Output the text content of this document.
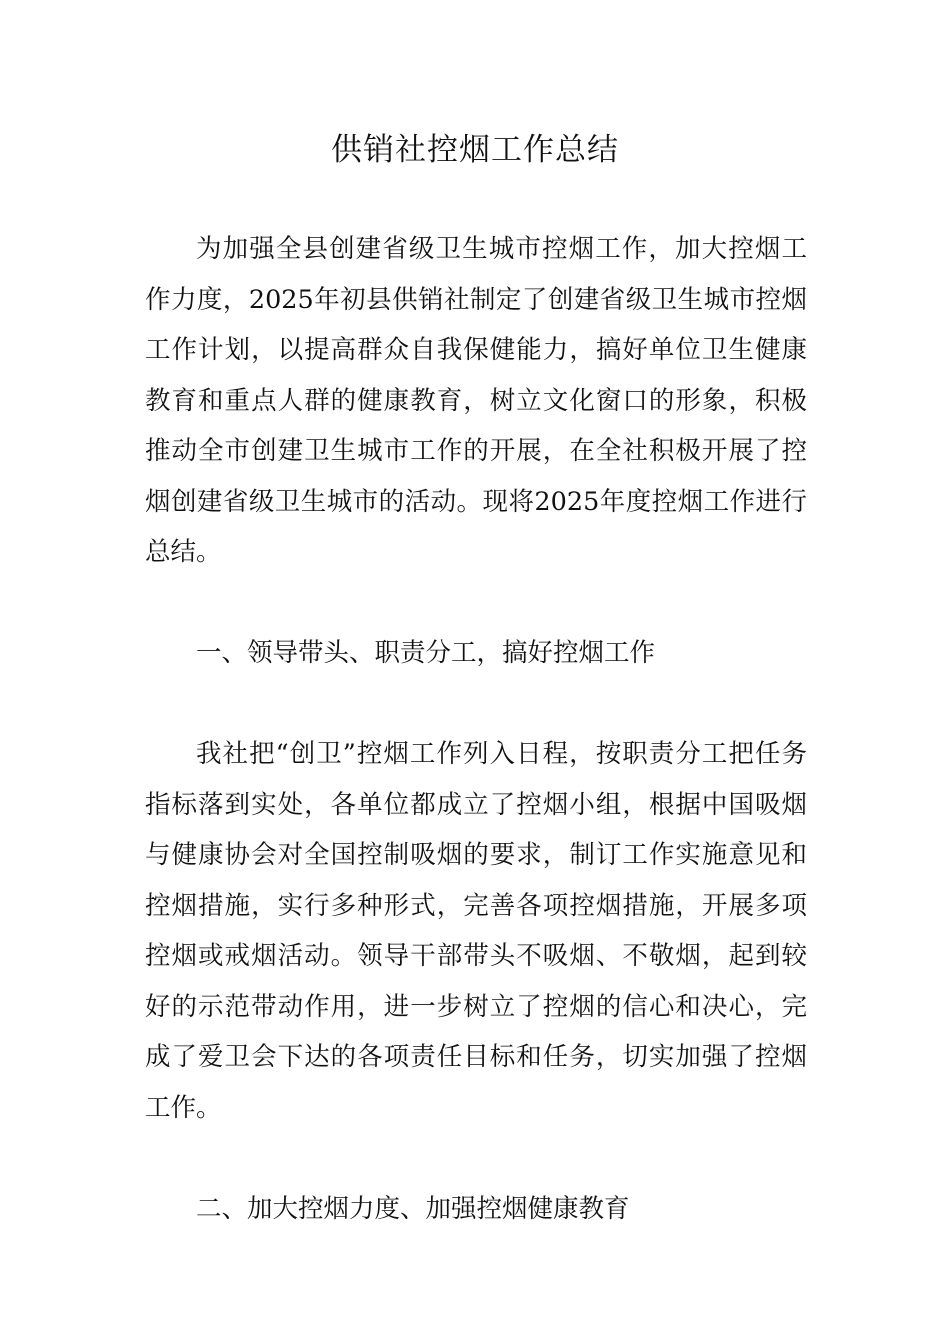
供销社控烟工作总结

为加强全县创建省级卫生城市控烟工作，加大控烟工作力度，2025年初县供销社制定了创建省级卫生城市控烟工作计划，以提高群众自我保健能力，搞好单位卫生健康教育和重点人群的健康教育，树立文化窗口的形象，积极推动全市创建卫生城市工作的开展，在全社积极开展了控烟创建省级卫生城市的活动。现将2025年度控烟工作进行总结。

一、领导带头、职责分工，搞好控烟工作

我社把“创卫”控烟工作列入日程，按职责分工把任务指标落到实处，各单位都成立了控烟小组，根据中国吸烟与健康协会对全国控制吸烟的要求，制订工作实施意见和控烟措施，实行多种形式，完善各项控烟措施，开展多项控烟或戒烟活动。领导干部带头不吸烟、不敬烟，起到较好的示范带动作用，进一步树立了控烟的信心和决心，完成了爱卫会下达的各项责任目标和任务，切实加强了控烟工作。

二、加大控烟力度、加强控烟健康教育
